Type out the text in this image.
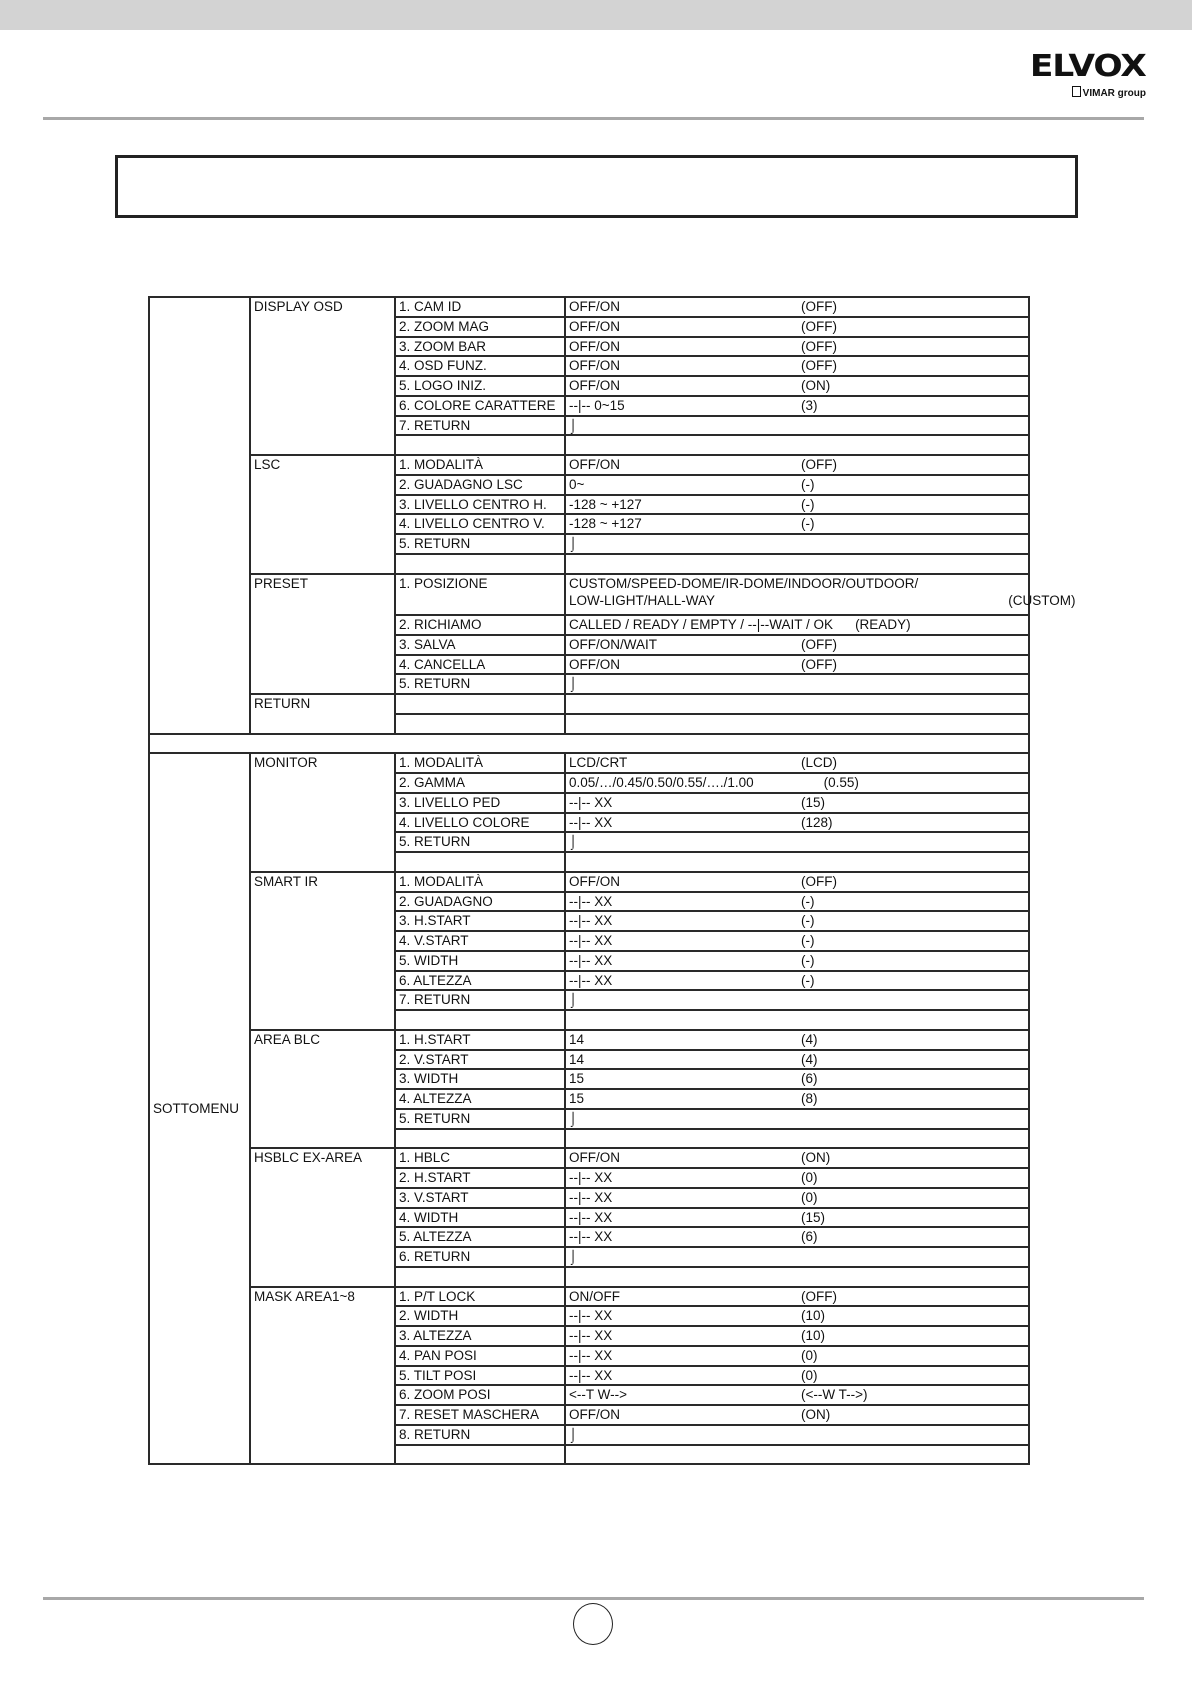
ELVOX
VIMAR group
	DISPLAY OSD	1. CAM ID	OFF/ON (OFF)
		2. ZOOM MAG	OFF/ON (OFF)
		3. ZOOM BAR	OFF/ON (OFF)
		4. OSD FUNZ.	OFF/ON (OFF)
		5. LOGO INIZ.	OFF/ON (ON)
		6. COLORE CARATTERE	--|-- 0~15 (3)
		7. RETURN	⌡

	LSC	1. MODALITÀ	OFF/ON (OFF)
		2. GUADAGNO LSC	0~ (-)
		3. LIVELLO CENTRO H.	-128 ~ +127 (-)
		4. LIVELLO CENTRO V.	-128 ~ +127 (-)
		5. RETURN	⌡

	PRESET	1. POSIZIONE	CUSTOM/SPEED-DOME/IR-DOME/INDOOR/OUTDOOR/
LOW-LIGHT/HALL-WAY (CUSTOM)
		2. RICHIAMO	CALLED / READY / EMPTY / --|--WAIT / OK (READY)
		3. SALVA	OFF/ON/WAIT (OFF)
		4. CANCELLA	OFF/ON (OFF)
		5. RETURN	⌡
	RETURN		

SOTTOMENU	MONITOR	1. MODALITÀ	LCD/CRT (LCD)
		2. GAMMA	0.05/…/0.45/0.50/0.55/…./1.00 (0.55)
		3. LIVELLO PED	--|-- XX (15)
		4. LIVELLO COLORE	--|-- XX (128)
		5. RETURN	⌡

	SMART IR	1. MODALITÀ	OFF/ON (OFF)
		2. GUADAGNO	--|-- XX (-)
		3. H.START	--|-- XX (-)
		4. V.START	--|-- XX (-)
		5. WIDTH	--|-- XX (-)
		6. ALTEZZA	--|-- XX (-)
		7. RETURN	⌡

	AREA BLC	1. H.START	14 (4)
		2. V.START	14 (4)
		3. WIDTH	15 (6)
		4. ALTEZZA	15 (8)
		5. RETURN	⌡

	HSBLC EX-AREA	1. HBLC	OFF/ON (ON)
		2. H.START	--|-- XX (0)
		3. V.START	--|-- XX (0)
		4. WIDTH	--|-- XX (15)
		5. ALTEZZA	--|-- XX (6)
		6. RETURN	⌡

	MASK AREA1~8	1. P/T LOCK	ON/OFF (OFF)
		2. WIDTH	--|-- XX (10)
		3. ALTEZZA	--|-- XX (10)
		4. PAN POSI	--|-- XX (0)
		5. TILT POSI	--|-- XX (0)
		6. ZOOM POSI	<--T W--> (<--W T-->)
		7. RESET MASCHERA	OFF/ON (ON)
		8. RETURN	⌡
